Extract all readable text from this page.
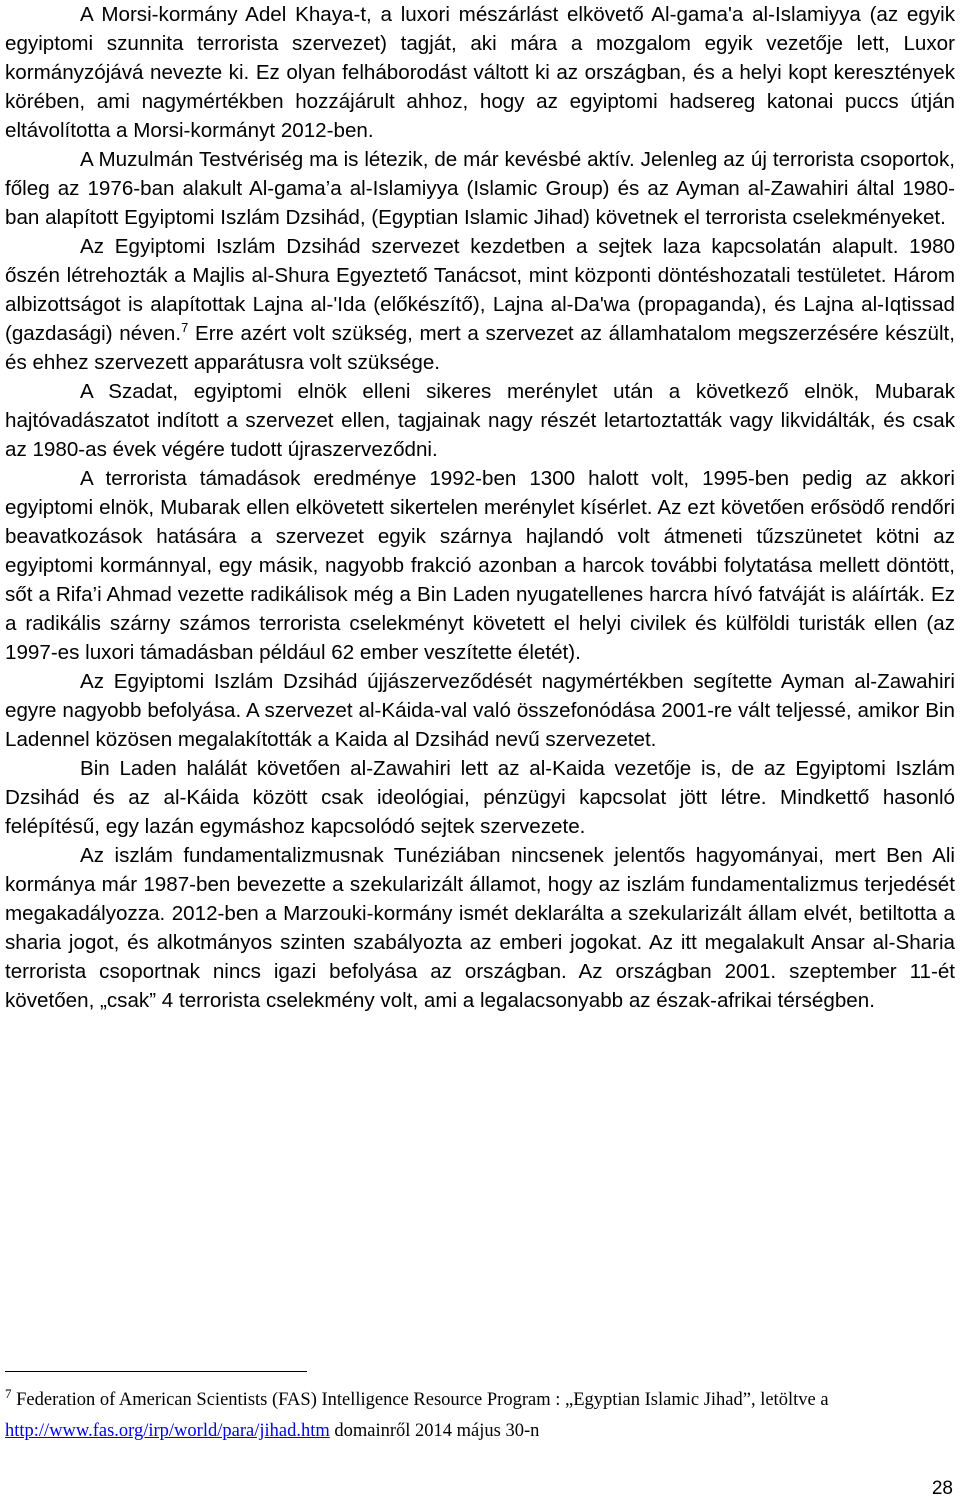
A Morsi-kormány Adel Khaya-t, a luxori mészárlást elkövető Al-gama'a al-Islamiyya (az egyik egyiptomi szunnita terrorista szervezet) tagját, aki mára a mozgalom egyik vezetője lett, Luxor kormányzójává nevezte ki. Ez olyan felháborodást váltott ki az országban, és a helyi kopt keresztények körében, ami nagymértékben hozzájárult ahhoz, hogy az egyiptomi hadsereg katonai puccs útján eltávolította a Morsi-kormányt 2012-ben.

A Muzulmán Testvériség ma is létezik, de már kevésbé aktív. Jelenleg az új terrorista csoportok, főleg az 1976-ban alakult Al-gama’a al-Islamiyya (Islamic Group) és az Ayman al-Zawahiri által 1980-ban alapított Egyiptomi Iszlám Dzsihád, (Egyptian Islamic Jihad) követnek el terrorista cselekményeket.

Az Egyiptomi Iszlám Dzsihád szervezet kezdetben a sejtek laza kapcsolatán alapult. 1980 őszén létrehozták a Majlis al-Shura Egyeztető Tanácsot, mint központi döntéshozatali testületet. Három albizottságot is alapítottak Lajna al-'Ida (előkészítő), Lajna al-Da'wa (propaganda), és Lajna al-Iqtissad (gazdasági) néven.$^7$ Erre azért volt szükség, mert a szervezet az államhatalom megszerzésére készült, és ehhez szervezett apparátusra volt szüksége.

A Szadat, egyiptomi elnök elleni sikeres merénylet után a következő elnök, Mubarak hajtóvadászatot indított a szervezet ellen, tagjainak nagy részét letartoztatták vagy likvidálták, és csak az 1980-as évek végére tudott újraszerveződni.

A terrorista támadások eredménye 1992-ben 1300 halott volt, 1995-ben pedig az akkori egyiptomi elnök, Mubarak ellen elkövetett sikertelen merénylet kísérlet. Az ezt követően erősödő rendőri beavatkozások hatására a szervezet egyik szárnya hajlandó volt átmeneti tűzszünetet kötni az egyiptomi kormánnyal, egy másik, nagyobb frakció azonban a harcok további folytatása mellett döntött, sőt a Rifa’i Ahmad vezette radikálisok még a Bin Laden nyugatellenes harcra hívó fatváját is aláírták. Ez a radikális szárny számos terrorista cselekményt követett el helyi civilek és külföldi turisták ellen (az 1997-es luxori támadásban például 62 ember veszítette életét).

Az Egyiptomi Iszlám Dzsihád újjászerveződését nagymértékben segítette Ayman al-Zawahiri egyre nagyobb befolyása. A szervezet al-Káida-val való összefonódása 2001-re vált teljessé, amikor Bin Ladennel közösen megalakították a Kaida al Dzsihád nevű szervezetet.

Bin Laden halálát követően al-Zawahiri lett az al-Kaida vezetője is, de az Egyiptomi Iszlám Dzsihád és az al-Káida között csak ideológiai, pénzügyi kapcsolat jött létre. Mindkettő hasonló felépítésű, egy lazán egymáshoz kapcsolódó sejtek szervezete.

Az iszlám fundamentalizmusnak Tunéziában nincsenek jelentős hagyományai, mert Ben Ali kormánya már 1987-ben bevezette a szekularizált államot, hogy az iszlám fundamentalizmus terjedését megakadályozza. 2012-ben a Marzouki-kormány ismét deklarálta a szekularizált állam elvét, betiltotta a sharia jogot, és alkotmányos szinten szabályozta az emberi jogokat. Az itt megalakult Ansar al-Sharia terrorista csoportnak nincs igazi befolyása az országban. Az országban 2001. szeptember 11-ét követően, „csak” 4 terrorista cselekmény volt, ami a legalacsonyabb az észak-afrikai térségben.

$^7$ Federation of American Scientists (FAS) Intelligence Resource Program : „Egyptian Islamic Jihad”, letöltve a
http://www.fas.org/irp/world/para/jihad.htm domainről 2014 május 30-n
28
